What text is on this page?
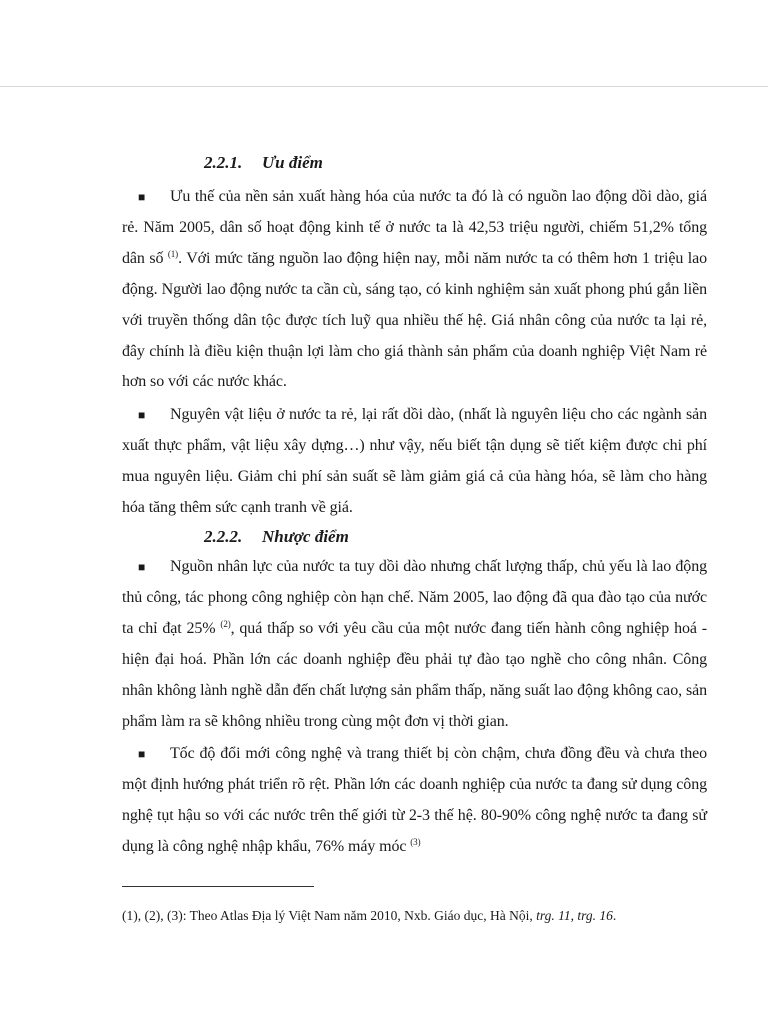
2.2.1. Ưu điểm

■ Ưu thế của nền sản xuất hàng hóa của nước ta đó là có nguồn lao động dồi dào, giá rẻ. Năm 2005, dân số hoạt động kinh tế ở nước ta là 42,53 triệu người, chiếm 51,2% tổng dân số $^{(1)}$. Với mức tăng nguồn lao động hiện nay, mỗi năm nước ta có thêm hơn 1 triệu lao động. Người lao động nước ta cần cù, sáng tạo, có kinh nghiệm sản xuất phong phú gắn liền với truyền thống dân tộc được tích luỹ qua nhiều thế hệ. Giá nhân công của nước ta lại rẻ, đây chính là điều kiện thuận lợi làm cho giá thành sản phẩm của doanh nghiệp Việt Nam rẻ hơn so với các nước khác.

■ Nguyên vật liệu ở nước ta rẻ, lại rất dồi dào, (nhất là nguyên liệu cho các ngành sản xuất thực phẩm, vật liệu xây dựng…) như vậy, nếu biết tận dụng sẽ tiết kiệm được chi phí mua nguyên liệu. Giảm chi phí sản suất sẽ làm giảm giá cả của hàng hóa, sẽ làm cho hàng hóa tăng thêm sức cạnh tranh về giá.

2.2.2. Nhược điểm

■ Nguồn nhân lực của nước ta tuy dồi dào nhưng chất lượng thấp, chủ yếu là lao động thủ công, tác phong công nghiệp còn hạn chế. Năm 2005, lao động đã qua đào tạo của nước ta chỉ đạt 25% $^{(2)}$, quá thấp so với yêu cầu của một nước đang tiến hành công nghiệp hoá - hiện đại hoá. Phần lớn các doanh nghiệp đều phải tự đào tạo nghề cho công nhân. Công nhân không lành nghề dẫn đến chất lượng sản phẩm thấp, năng suất lao động không cao, sản phẩm làm ra sẽ không nhiều trong cùng một đơn vị thời gian.

■ Tốc độ đổi mới công nghệ và trang thiết bị còn chậm, chưa đồng đều và chưa theo một định hướng phát triển rõ rệt. Phần lớn các doanh nghiệp của nước ta đang sử dụng công nghệ tụt hậu so với các nước trên thế giới từ 2-3 thế hệ. 80-90% công nghệ nước ta đang sử dụng là công nghệ nhập khẩu, 76% máy móc $^{(3)}$

(1), (2), (3): Theo Atlas Địa lý Việt Nam năm 2010, Nxb. Giáo dục, Hà Nội, trg. 11, trg. 16.
